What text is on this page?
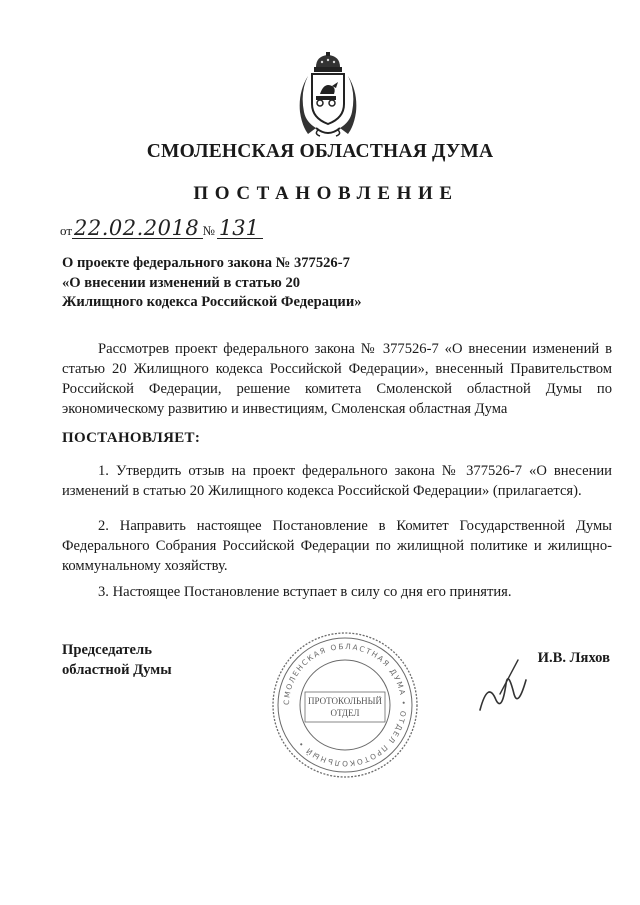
СМОЛЕНСКАЯ ОБЛАСТНАЯ ДУМА
ПОСТАНОВЛЕНИЕ
от22.02.2018 № 131
О проекте федерального закона № 377526-7
«О внесении изменений в статью 20
Жилищного кодекса Российской Федерации»
Рассмотрев проект федерального закона № 377526-7 «О внесении изменений в статью 20 Жилищного кодекса Российской Федерации», внесенный Правительством Российской Федерации, решение комитета Смоленской областной Думы по экономическому развитию и инвестициям, Смоленская областная Дума
ПОСТАНОВЛЯЕТ:
1. Утвердить отзыв на проект федерального закона № 377526-7 «О внесении изменений в статью 20 Жилищного кодекса Российской Федерации» (прилагается).
2. Направить настоящее Постановление в Комитет Государственной Думы Федерального Собрания Российской Федерации по жилищной политике и жилищно-коммунальному хозяйству.
3. Настоящее Постановление вступает в силу со дня его принятия.
Председатель
областной Думы
И.В. Ляхов
СМОЛЕНСКАЯ ОБЛАСТНАЯ ДУМА • ОТДЕЛ ПРОТОКОЛЬНЫЙ •
ПРОТОКОЛЬНЫЙ
ОТДЕЛ
